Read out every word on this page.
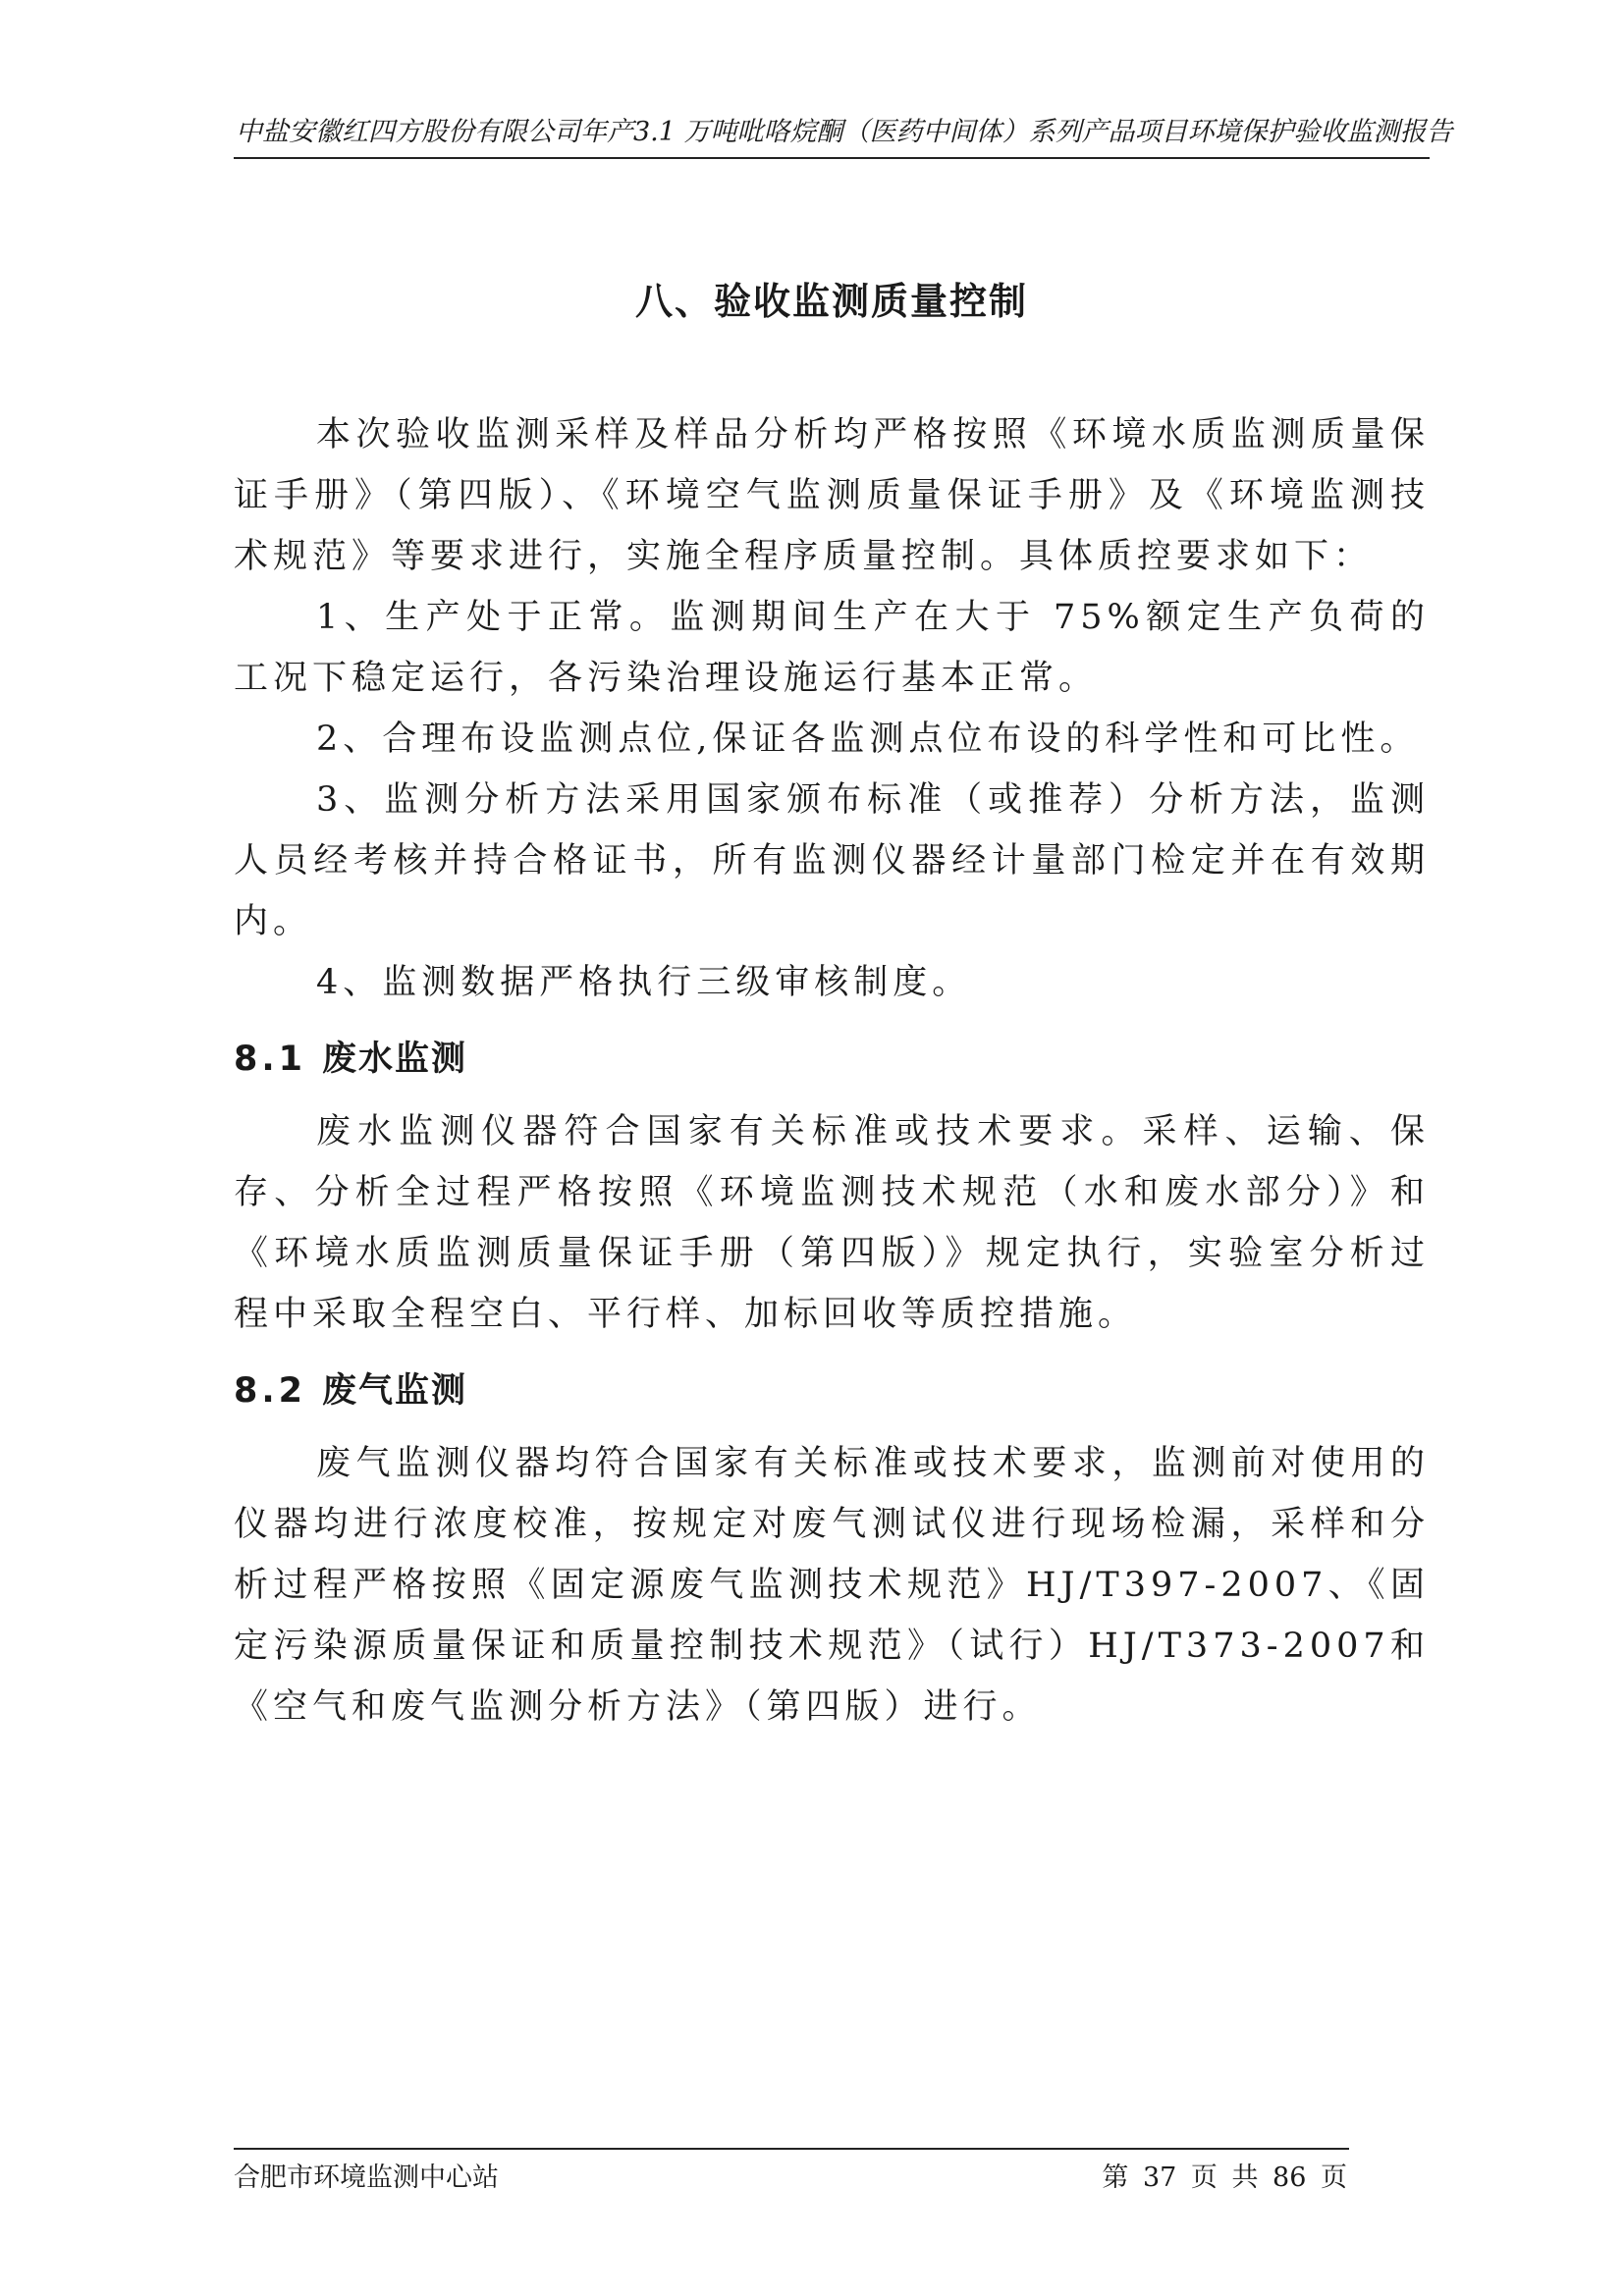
中盐安徽红四方股份有限公司年产3.1 万吨吡咯烷酮（医药中间体）系列产品项目环境保护验收监测报告
八、验收监测质量控制

本次验收监测采样及样品分析均严格按照《环境水质监测质量保证手册》（第四版）、《环境空气监测质量保证手册》及《环境监测技术规范》等要求进行，实施全程序质量控制。具体质控要求如下：

1、生产处于正常。监测期间生产在大于 75%额定生产负荷的工况下稳定运行，各污染治理设施运行基本正常。

2、合理布设监测点位,保证各监测点位布设的科学性和可比性。

3、监测分析方法采用国家颁布标准（或推荐）分析方法，监测人员经考核并持合格证书，所有监测仪器经计量部门检定并在有效期内。

4、监测数据严格执行三级审核制度。

8.1 废水监测

废水监测仪器符合国家有关标准或技术要求。采样、运输、保存、分析全过程严格按照《环境监测技术规范（水和废水部分）》和《环境水质监测质量保证手册（第四版）》规定执行，实验室分析过程中采取全程空白、平行样、加标回收等质控措施。

8.2 废气监测

废气监测仪器均符合国家有关标准或技术要求，监测前对使用的仪器均进行浓度校准，按规定对废气测试仪进行现场检漏，采样和分析过程严格按照《固定源废气监测技术规范》HJ/T397-2007、《固定污染源质量保证和质量控制技术规范》（试行）HJ/T373-2007和《空气和废气监测分析方法》（第四版）进行。

合肥市环境监测中心站	第 37 页 共 86 页
